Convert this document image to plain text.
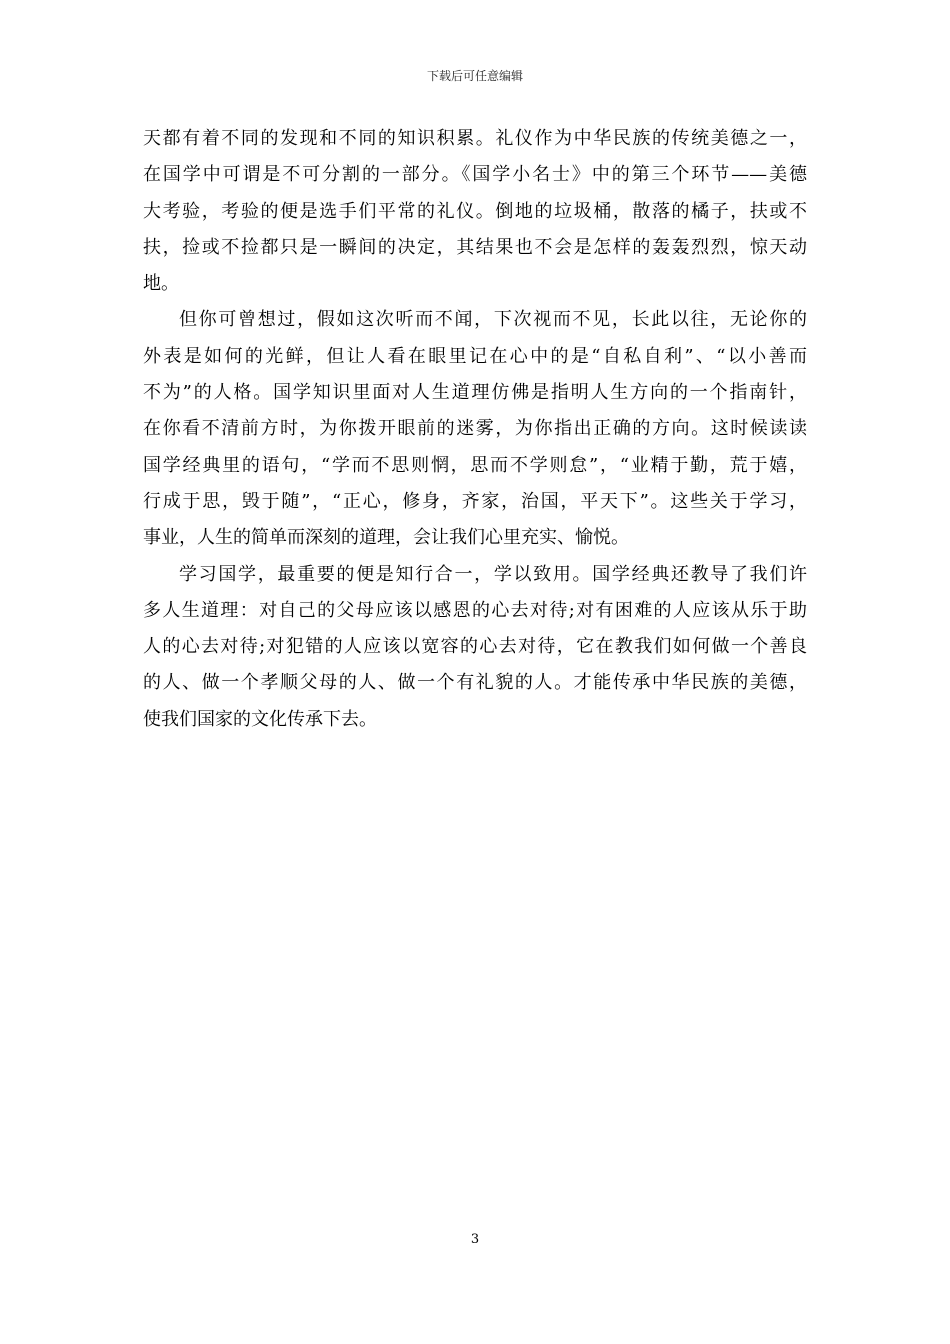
下载后可任意编辑
天都有着不同的发现和不同的知识积累。礼仪作为中华民族的传统美德之一，
在国学中可谓是不可分割的一部分。《国学小名士》中的第三个环节——美德
大考验，考验的便是选手们平常的礼仪。倒地的垃圾桶，散落的橘子，扶或不
扶，捡或不捡都只是一瞬间的决定，其结果也不会是怎样的轰轰烈烈，惊天动
地。
但你可曾想过，假如这次听而不闻，下次视而不见，长此以往，无论你的
外表是如何的光鲜，但让人看在眼里记在心中的是“自私自利”、“以小善而
不为”的人格。国学知识里面对人生道理仿佛是指明人生方向的一个指南针，
在你看不清前方时，为你拨开眼前的迷雾，为你指出正确的方向。这时候读读
国学经典里的语句，“学而不思则惘，思而不学则怠”，“业精于勤，荒于嬉，
行成于思，毁于随”，“正心，修身，齐家，治国，平天下”。这些关于学习，
事业，人生的简单而深刻的道理，会让我们心里充实、愉悦。
学习国学，最重要的便是知行合一，学以致用。国学经典还教导了我们许
多人生道理：对自己的父母应该以感恩的心去对待;对有困难的人应该从乐于助
人的心去对待;对犯错的人应该以宽容的心去对待，它在教我们如何做一个善良
的人、做一个孝顺父母的人、做一个有礼貌的人。才能传承中华民族的美德，
使我们国家的文化传承下去。
3
